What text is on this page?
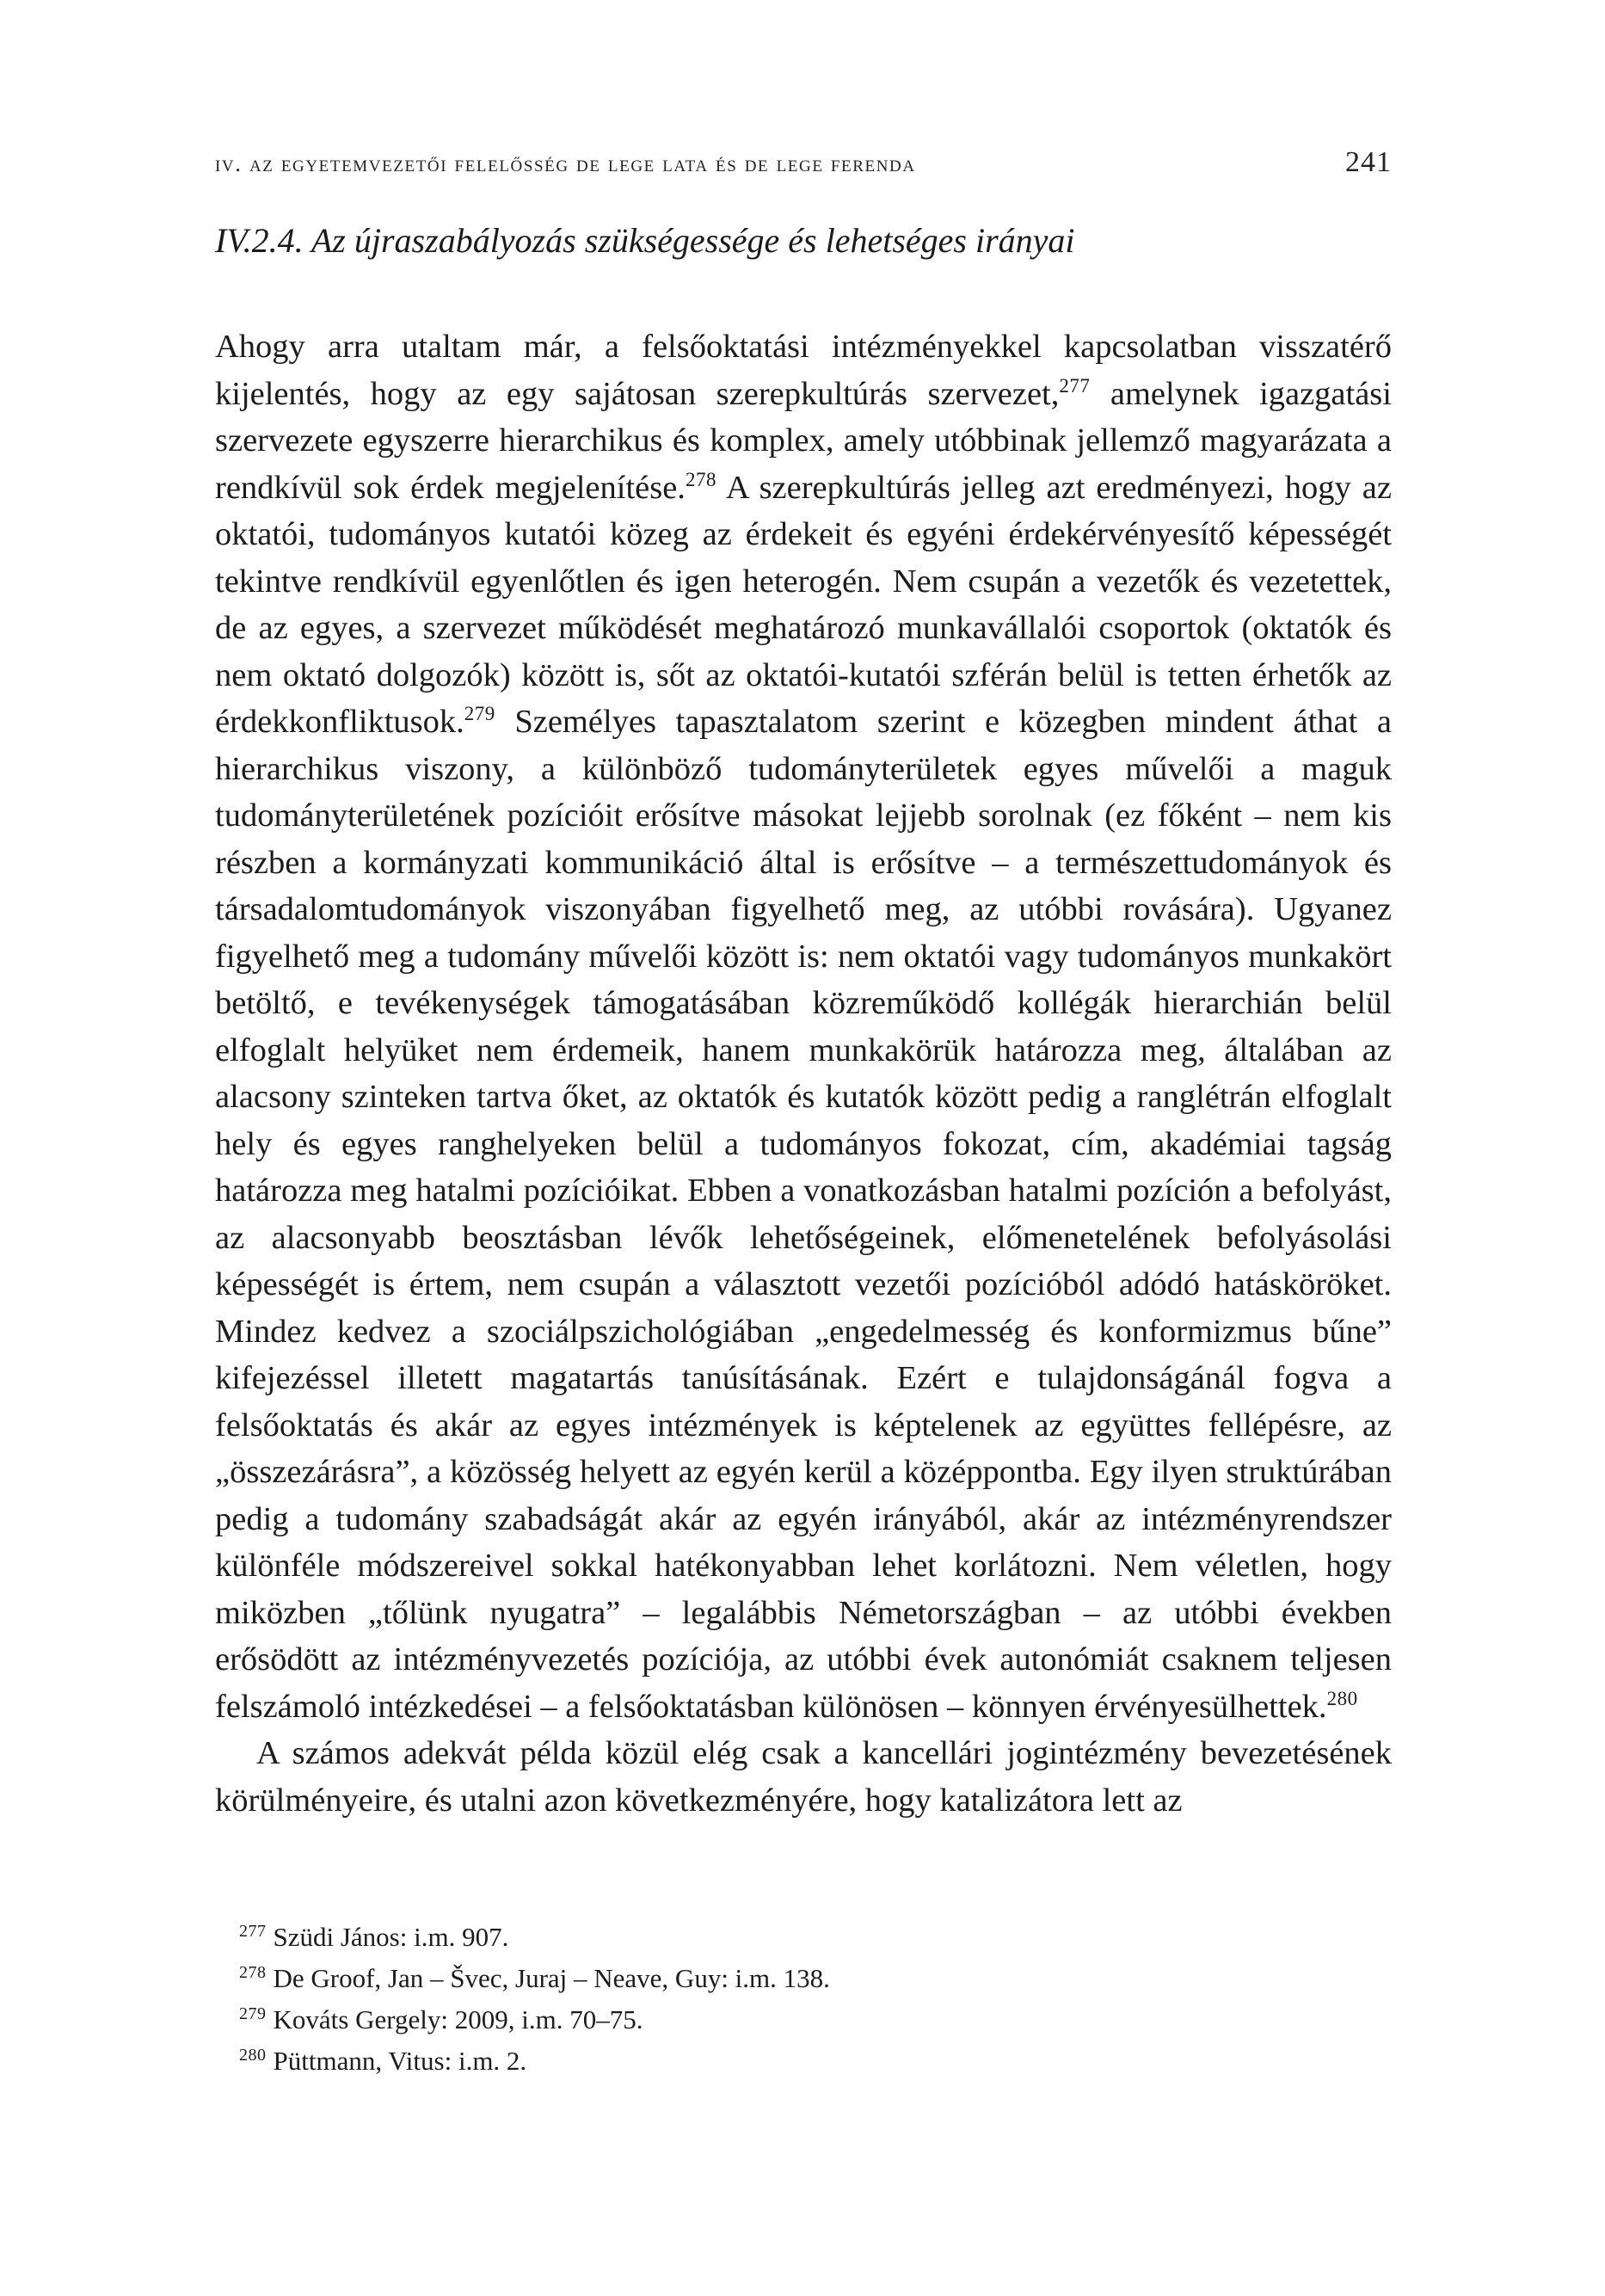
iv. az egyetemvezetői felelősség de lege lata és de lege ferenda	241
IV.2.4. Az újraszabályozás szükségessége és lehetséges irányai

Ahogy arra utaltam már, a felsőoktatási intézményekkel kapcsolatban visszatérő kijelentés, hogy az egy sajátosan szerepkultúrás szervezet,$^{277}$ amelynek igazgatási szervezete egyszerre hierarchikus és komplex, amely utóbbinak jellemző magyarázata a rendkívül sok érdek megjelenítése.$^{278}$ A szerepkultúrás jelleg azt eredményezi, hogy az oktatói, tudományos kutatói közeg az érdekeit és egyéni érdekérvényesítő képességét tekintve rendkívül egyenlőtlen és igen heterogén. Nem csupán a vezetők és vezetettek, de az egyes, a szervezet működését meghatározó munkavállalói csoportok (oktatók és nem oktató dolgozók) között is, sőt az oktatói-kutatói szférán belül is tetten érhetők az érdekkonfliktusok.$^{279}$ Személyes tapasztalatom szerint e közegben mindent áthat a hierarchikus viszony, a különböző tudományterületek egyes művelői a maguk tudományterületének pozícióit erősítve másokat lejjebb sorolnak (ez főként – nem kis részben a kormányzati kommunikáció által is erősítve – a természettudományok és társadalomtudományok viszonyában figyelhető meg, az utóbbi rovására). Ugyanez figyelhető meg a tudomány művelői között is: nem oktatói vagy tudományos munkakört betöltő, e tevékenységek támogatásában közreműködő kollégák hierarchián belül elfoglalt helyüket nem érdemeik, hanem munkakörük határozza meg, általában az alacsony szinteken tartva őket, az oktatók és kutatók között pedig a ranglétrán elfoglalt hely és egyes ranghelyeken belül a tudományos fokozat, cím, akadémiai tagság határozza meg hatalmi pozícióikat. Ebben a vonatkozásban hatalmi pozíción a befolyást, az alacsonyabb beosztásban lévők lehetőségeinek, előmenetelének befolyásolási képességét is értem, nem csupán a választott vezetői pozícióból adódó hatásköröket. Mindez kedvez a szociálpszichológiában „engedelmesség és konformizmus bűne” kifejezéssel illetett magatartás tanúsításának. Ezért e tulajdonságánál fogva a felsőoktatás és akár az egyes intézmények is képtelenek az együttes fellépésre, az „összezárásra”, a közösség helyett az egyén kerül a középpontba. Egy ilyen struktúrában pedig a tudomány szabadságát akár az egyén irányából, akár az intézményrendszer különféle módszereivel sokkal hatékonyabban lehet korlátozni. Nem véletlen, hogy miközben „tőlünk nyugatra” – legalábbis Németországban – az utóbbi években erősödött az intézményvezetés pozíciója, az utóbbi évek autonómiát csaknem teljesen felszámoló intézkedései – a felsőoktatásban különösen – könnyen érvényesülhettek.$^{280}$

A számos adekvát példa közül elég csak a kancellári jogintézmény bevezetésének körülményeire, és utalni azon következményére, hogy katalizátora lett az

$^{277}$ Szüdi János: i.m. 907.
$^{278}$ De Groof, Jan – Švec, Juraj – Neave, Guy: i.m. 138.
$^{279}$ Kováts Gergely: 2009, i.m. 70–75.
$^{280}$ Püttmann, Vitus: i.m. 2.
